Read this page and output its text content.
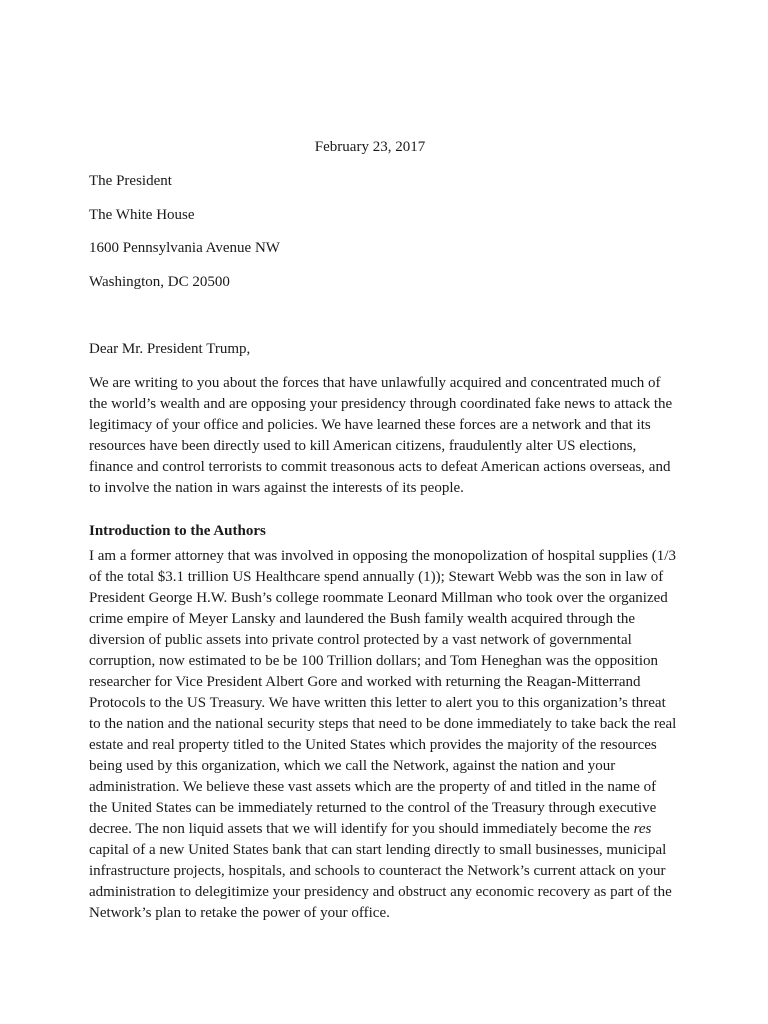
February 23, 2017
The President
The White House
1600 Pennsylvania Avenue NW
Washington, DC 20500
Dear Mr. President Trump,
We are writing to you about the forces that have unlawfully acquired and concentrated much of
the world’s wealth and are opposing your presidency through coordinated fake news to attack the
legitimacy of your office and policies. We have learned these forces are a network and that its
resources have been directly used to kill American citizens, fraudulently alter US elections,
finance and control terrorists to commit treasonous acts to defeat American actions overseas, and
to involve the nation in wars against the interests of its people.
Introduction to the Authors
I am a former attorney that was involved in opposing the monopolization of hospital supplies (1/3
of the total $3.1 trillion US Healthcare spend annually (1)); Stewart Webb was the son in law of
President George H.W. Bush’s college roommate Leonard Millman who took over the organized
crime empire of Meyer Lansky and laundered the Bush family wealth acquired through the
diversion of public assets into private control protected by a vast network of governmental
corruption, now estimated to be be 100 Trillion dollars; and Tom Heneghan was the opposition
researcher for Vice President Albert Gore and worked with returning the Reagan-Mitterrand
Protocols to the US Treasury. We have written this letter to alert you to this organization’s threat
to the nation and the national security steps that need to be done immediately to take back the real
estate and real property titled to the United States which provides the majority of the resources
being used by this organization, which we call the Network, against the nation and your
administration. We believe these vast assets which are the property of and titled in the name of
the United States can be immediately returned to the control of the Treasury through executive
decree. The non liquid assets that we will identify for you should immediately become the res
capital of a new United States bank that can start lending directly to small businesses, municipal
infrastructure projects, hospitals, and schools to counteract the Network’s current attack on your
administration to delegitimize your presidency and obstruct any economic recovery as part of the
Network’s plan to retake the power of your office.
